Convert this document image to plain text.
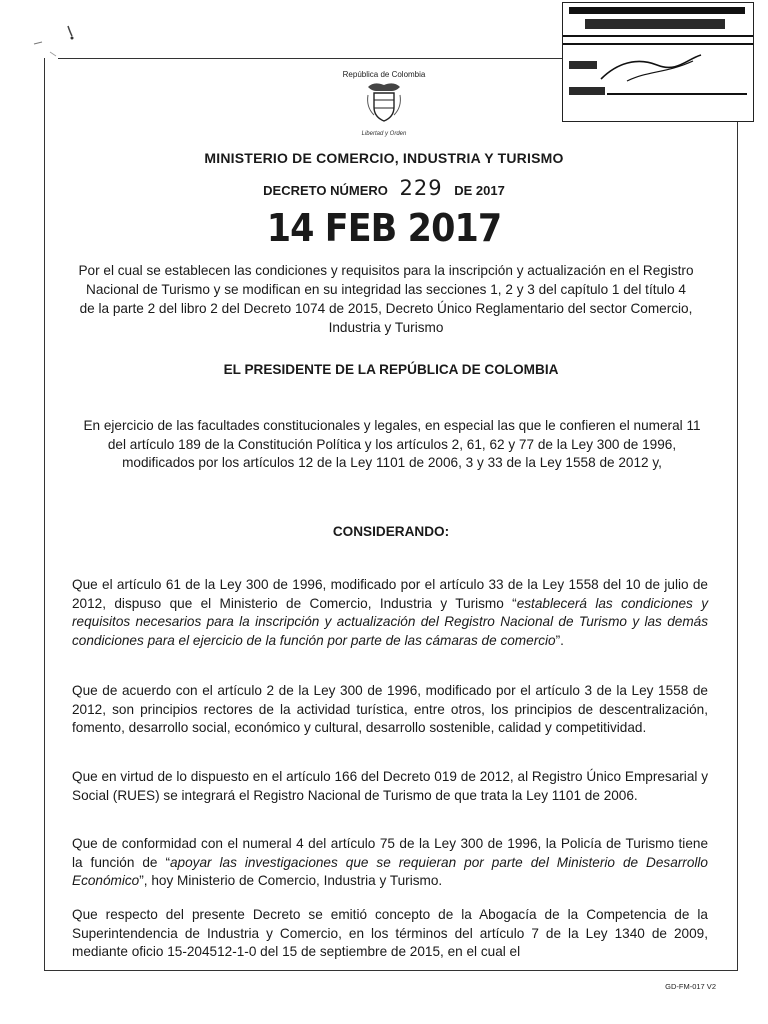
República de Colombia
Libertad y Orden
MINISTERIO DE COMERCIO, INDUSTRIA Y TURISMO
DECRETO NÚMERO 229 DE 2017
14 FEB 2017
Por el cual se establecen las condiciones y requisitos para la inscripción y actualización en el Registro Nacional de Turismo y se modifican en su integridad las secciones 1, 2 y 3 del capítulo 1 del título 4 de la parte 2 del libro 2 del Decreto 1074 de 2015, Decreto Único Reglamentario del sector Comercio, Industria y Turismo
EL PRESIDENTE DE LA REPÚBLICA DE COLOMBIA
En ejercicio de las facultades constitucionales y legales, en especial las que le confieren el numeral 11 del artículo 189 de la Constitución Política y los artículos 2, 61, 62 y 77 de la Ley 300 de 1996, modificados por los artículos 12 de la Ley 1101 de 2006, 3 y 33 de la Ley 1558 de 2012 y,
CONSIDERANDO:

Que el artículo 61 de la Ley 300 de 1996, modificado por el artículo 33 de la Ley 1558 del 10 de julio de 2012, dispuso que el Ministerio de Comercio, Industria y Turismo “establecerá las condiciones y requisitos necesarios para la inscripción y actualización del Registro Nacional de Turismo y las demás condiciones para el ejercicio de la función por parte de las cámaras de comercio”.

Que de acuerdo con el artículo 2 de la Ley 300 de 1996, modificado por el artículo 3 de la Ley 1558 de 2012, son principios rectores de la actividad turística, entre otros, los principios de descentralización, fomento, desarrollo social, económico y cultural, desarrollo sostenible, calidad y competitividad.

Que en virtud de lo dispuesto en el artículo 166 del Decreto 019 de 2012, al Registro Único Empresarial y Social (RUES) se integrará el Registro Nacional de Turismo de que trata la Ley 1101 de 2006.

Que de conformidad con el numeral 4 del artículo 75 de la Ley 300 de 1996, la Policía de Turismo tiene la función de “apoyar las investigaciones que se requieran por parte del Ministerio de Desarrollo Económico”, hoy Ministerio de Comercio, Industria y Turismo.

Que respecto del presente Decreto se emitió concepto de la Abogacía de la Competencia de la Superintendencia de Industria y Comercio, en los términos del artículo 7 de la Ley 1340 de 2009, mediante oficio 15-204512-1-0 del 15 de septiembre de 2015, en el cual el

GD-FM-017 V2
